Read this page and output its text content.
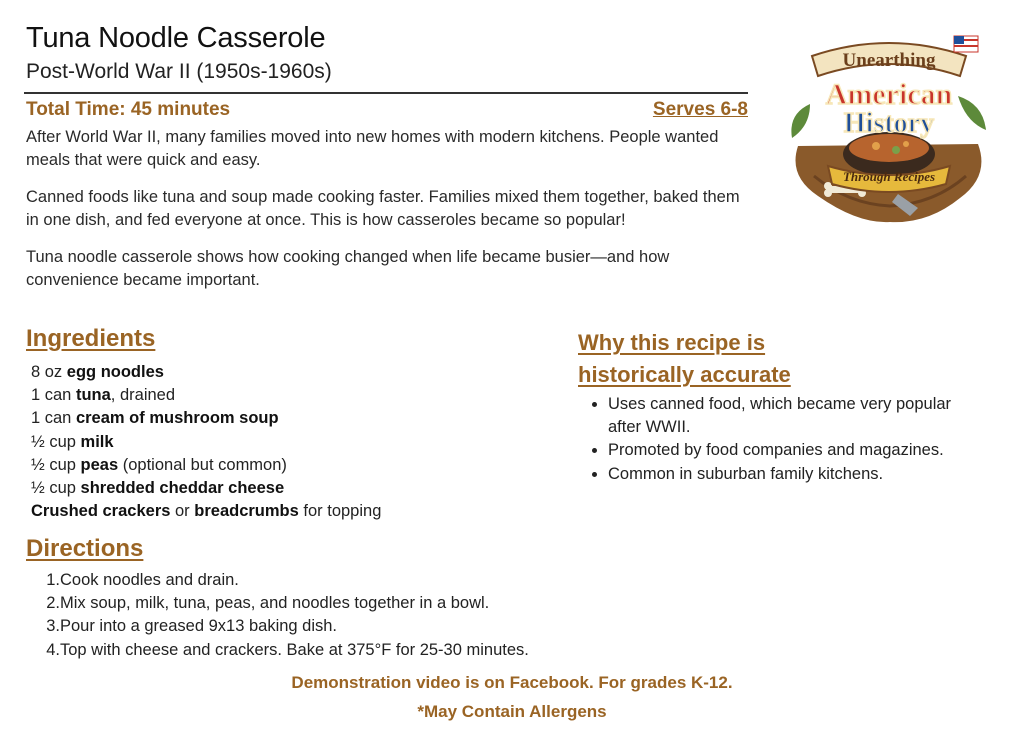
Tuna Noodle Casserole
Post-World War II (1950s-1960s)
Total Time: 45 minutes	Serves 6-8

After World War II, many families moved into new homes with modern kitchens. People wanted meals that were quick and easy.

Canned foods like tuna and soup made cooking faster. Families mixed them together, baked them in one dish, and fed everyone at once. This is how casseroles became so popular!

Tuna noodle casserole shows how cooking changed when life became busier—and how convenience became important.

Ingredients
8 oz egg noodles
1 can tuna, drained
1 can cream of mushroom soup
½ cup milk
½ cup peas (optional but common)
½ cup shredded cheddar cheese
Crushed crackers or breadcrumbs for topping
Why this recipe is
historically accurate
• Uses canned food, which became very popular after WWII.
• Promoted by food companies and magazines.
• Common in suburban family kitchens.
Directions
1.Cook noodles and drain.
2.Mix soup, milk, tuna, peas, and noodles together in a bowl.
3.Pour into a greased 9x13 baking dish.
4.Top with cheese and crackers. Bake at 375°F for 25-30 minutes.
Demonstration video is on Facebook. For grades K-12.
*May Contain Allergens
Unearthing
American
History
Through Recipes
